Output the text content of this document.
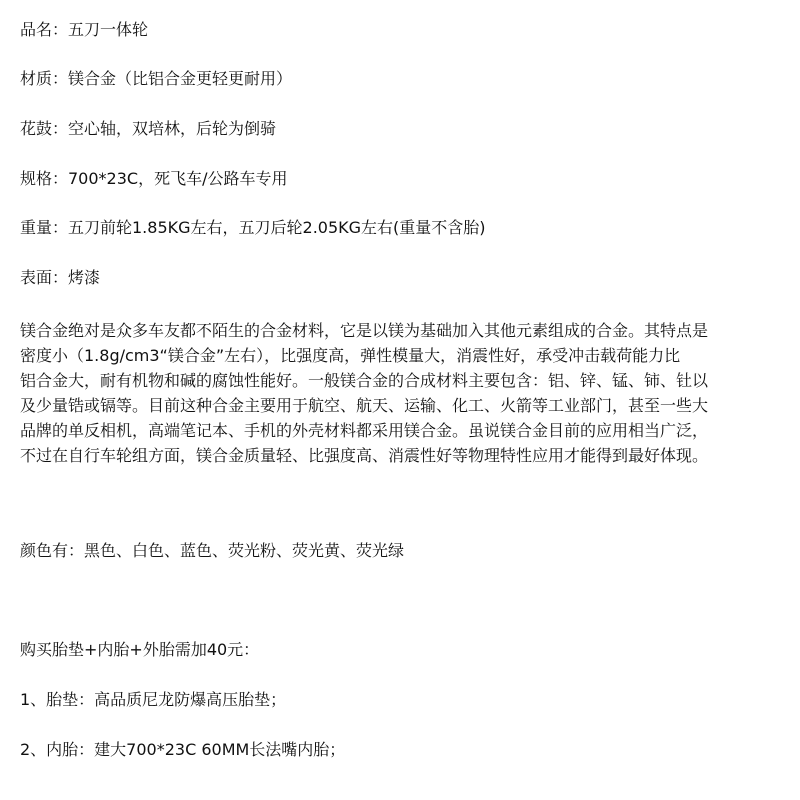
品名：五刀一体轮

材质：镁合金（比铝合金更轻更耐用）

花鼓：空心轴，双培林，后轮为倒骑

规格：700*23C，死飞车/公路车专用

重量：五刀前轮1.85KG左右，五刀后轮2.05KG左右(重量不含胎)

表面：烤漆

镁合金绝对是众多车友都不陌生的合金材料，它是以镁为基础加入其他元素组成的合金。其特点是
密度小（1.8g/cm3“镁合金”左右），比强度高，弹性模量大，消震性好，承受冲击载荷能力比
铝合金大，耐有机物和碱的腐蚀性能好。一般镁合金的合成材料主要包含：铝、锌、锰、铈、钍以
及少量锆或镉等。目前这种合金主要用于航空、航天、运输、化工、火箭等工业部门，甚至一些大
品牌的单反相机，高端笔记本、手机的外壳材料都采用镁合金。虽说镁合金目前的应用相当广泛，
不过在自行车轮组方面，镁合金质量轻、比强度高、消震性好等物理特性应用才能得到最好体现。

颜色有：黑色、白色、蓝色、荧光粉、荧光黄、荧光绿

购买胎垫+内胎+外胎需加40元：

1、胎垫：高品质尼龙防爆高压胎垫；

2、内胎：建大700*23C 60MM长法嘴内胎；
